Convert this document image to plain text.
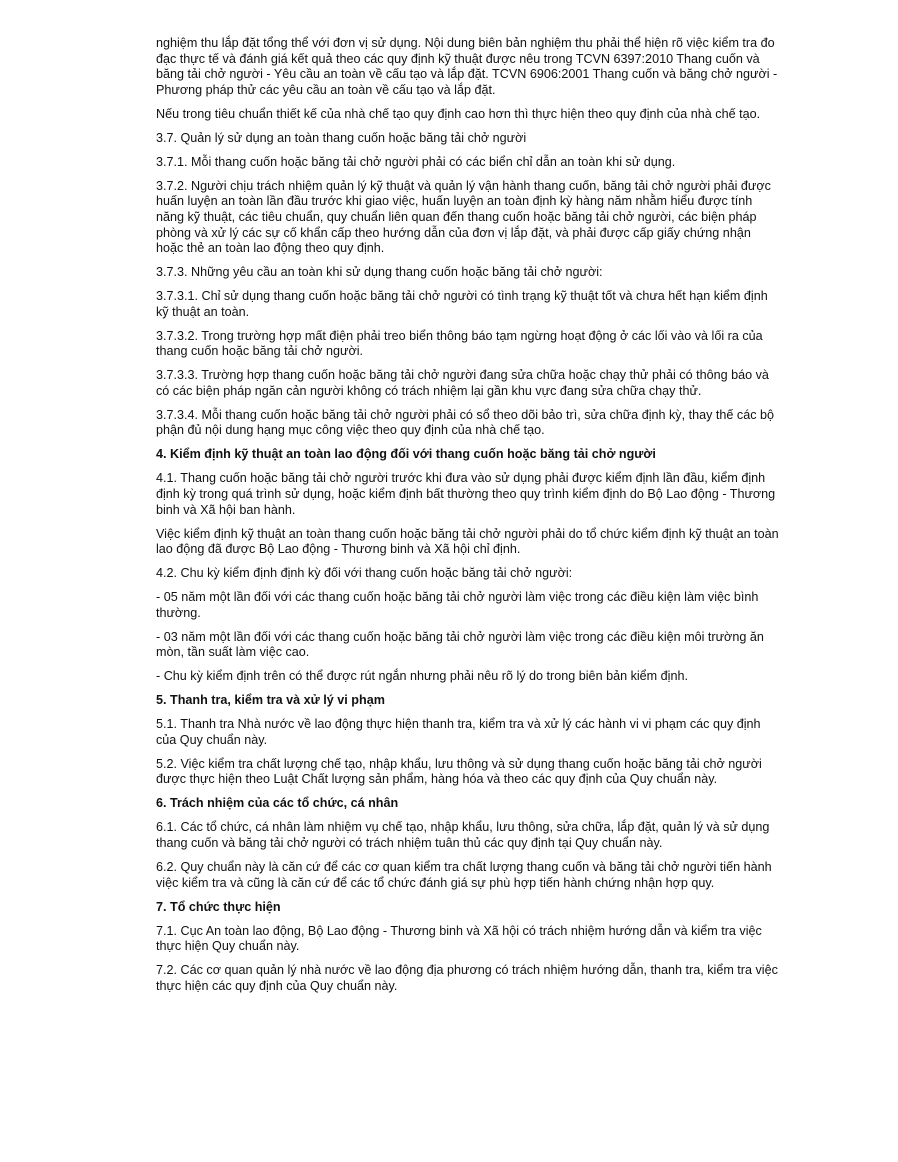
nghiệm thu lắp đặt tổng thể với đơn vị sử dụng. Nội dung biên bản nghiệm thu phải thể hiện rõ việc kiểm tra đo đạc thực tế và đánh giá kết quả theo các quy định kỹ thuật được nêu trong TCVN 6397:2010 Thang cuốn và băng tải chở người - Yêu cầu an toàn về cấu tạo và lắp đặt. TCVN 6906:2001 Thang cuốn và băng chở người - Phương pháp thử các yêu cầu an toàn về cấu tạo và lắp đặt.

Nếu trong tiêu chuẩn thiết kế của nhà chế tạo quy định cao hơn thì thực hiện theo quy định của nhà chế tạo.

3.7. Quản lý sử dụng an toàn thang cuốn hoặc băng tải chở người

3.7.1. Mỗi thang cuốn hoặc băng tải chở người phải có các biển chỉ dẫn an toàn khi sử dụng.

3.7.2. Người chịu trách nhiệm quản lý kỹ thuật và quản lý vận hành thang cuốn, băng tải chở người phải được huấn luyện an toàn lần đầu trước khi giao việc, huấn luyện an toàn định kỳ hàng năm nhằm hiểu được tính năng kỹ thuật, các tiêu chuẩn, quy chuẩn liên quan đến thang cuốn hoặc băng tải chở người, các biện pháp phòng và xử lý các sự cố khẩn cấp theo hướng dẫn của đơn vị lắp đặt, và phải được cấp giấy chứng nhận hoặc thẻ an toàn lao động theo quy định.

3.7.3. Những yêu cầu an toàn khi sử dụng thang cuốn hoặc băng tải chở người:

3.7.3.1. Chỉ sử dụng thang cuốn hoặc băng tải chở người có tình trạng kỹ thuật tốt và chưa hết hạn kiểm định kỹ thuật an toàn.

3.7.3.2. Trong trường hợp mất điện phải treo biển thông báo tạm ngừng hoạt động ở các lối vào và lối ra của thang cuốn hoặc băng tải chở người.

3.7.3.3. Trường hợp thang cuốn hoặc băng tải chở người đang sửa chữa hoặc chạy thử phải có thông báo và có các biện pháp ngăn cản người không có trách nhiệm lại gần khu vực đang sửa chữa chạy thử.

3.7.3.4. Mỗi thang cuốn hoặc băng tải chở người phải có sổ theo dõi bảo trì, sửa chữa định kỳ, thay thế các bộ phận đủ nội dung hạng mục công việc theo quy định của nhà chế tạo.

4. Kiểm định kỹ thuật an toàn lao động đối với thang cuốn hoặc băng tải chở người

4.1. Thang cuốn hoặc băng tải chở người trước khi đưa vào sử dụng phải được kiểm định lần đầu, kiểm định định kỳ trong quá trình sử dụng, hoặc kiểm định bất thường theo quy trình kiểm định do Bộ Lao động - Thương binh và Xã hội ban hành.

Việc kiểm định kỹ thuật an toàn thang cuốn hoặc băng tải chở người phải do tổ chức kiểm định kỹ thuật an toàn lao động đã được Bộ Lao động - Thương binh và Xã hội chỉ định.

4.2. Chu kỳ kiểm định định kỳ đối với thang cuốn hoặc băng tải chở người:

- 05 năm một lần đối với các thang cuốn hoặc băng tải chở người làm việc trong các điều kiện làm việc bình thường.

- 03 năm một lần đối với các thang cuốn hoặc băng tải chở người làm việc trong các điều kiện môi trường ăn mòn, tần suất làm việc cao.

- Chu kỳ kiểm định trên có thể được rút ngắn nhưng phải nêu rõ lý do trong biên bản kiểm định.

5. Thanh tra, kiểm tra và xử lý vi phạm

5.1. Thanh tra Nhà nước về lao động thực hiện thanh tra, kiểm tra và xử lý các hành vi vi phạm các quy định của Quy chuẩn này.

5.2. Việc kiểm tra chất lượng chế tạo, nhập khẩu, lưu thông và sử dụng thang cuốn hoặc băng tải chở người được thực hiện theo Luật Chất lượng sản phẩm, hàng hóa và theo các quy định của Quy chuẩn này.

6. Trách nhiệm của các tổ chức, cá nhân

6.1. Các tổ chức, cá nhân làm nhiệm vụ chế tạo, nhập khẩu, lưu thông, sửa chữa, lắp đặt, quản lý và sử dụng thang cuốn và băng tải chở người có trách nhiệm tuân thủ các quy định tại Quy chuẩn này.

6.2. Quy chuẩn này là căn cứ để các cơ quan kiểm tra chất lượng thang cuốn và băng tải chở người tiến hành việc kiểm tra và cũng là căn cứ để các tổ chức đánh giá sự phù hợp tiến hành chứng nhận hợp quy.

7. Tổ chức thực hiện

7.1. Cục An toàn lao động, Bộ Lao động - Thương binh và Xã hội có trách nhiệm hướng dẫn và kiểm tra việc thực hiện Quy chuẩn này.

7.2. Các cơ quan quản lý nhà nước về lao động địa phương có trách nhiệm hướng dẫn, thanh tra, kiểm tra việc thực hiện các quy định của Quy chuẩn này.
